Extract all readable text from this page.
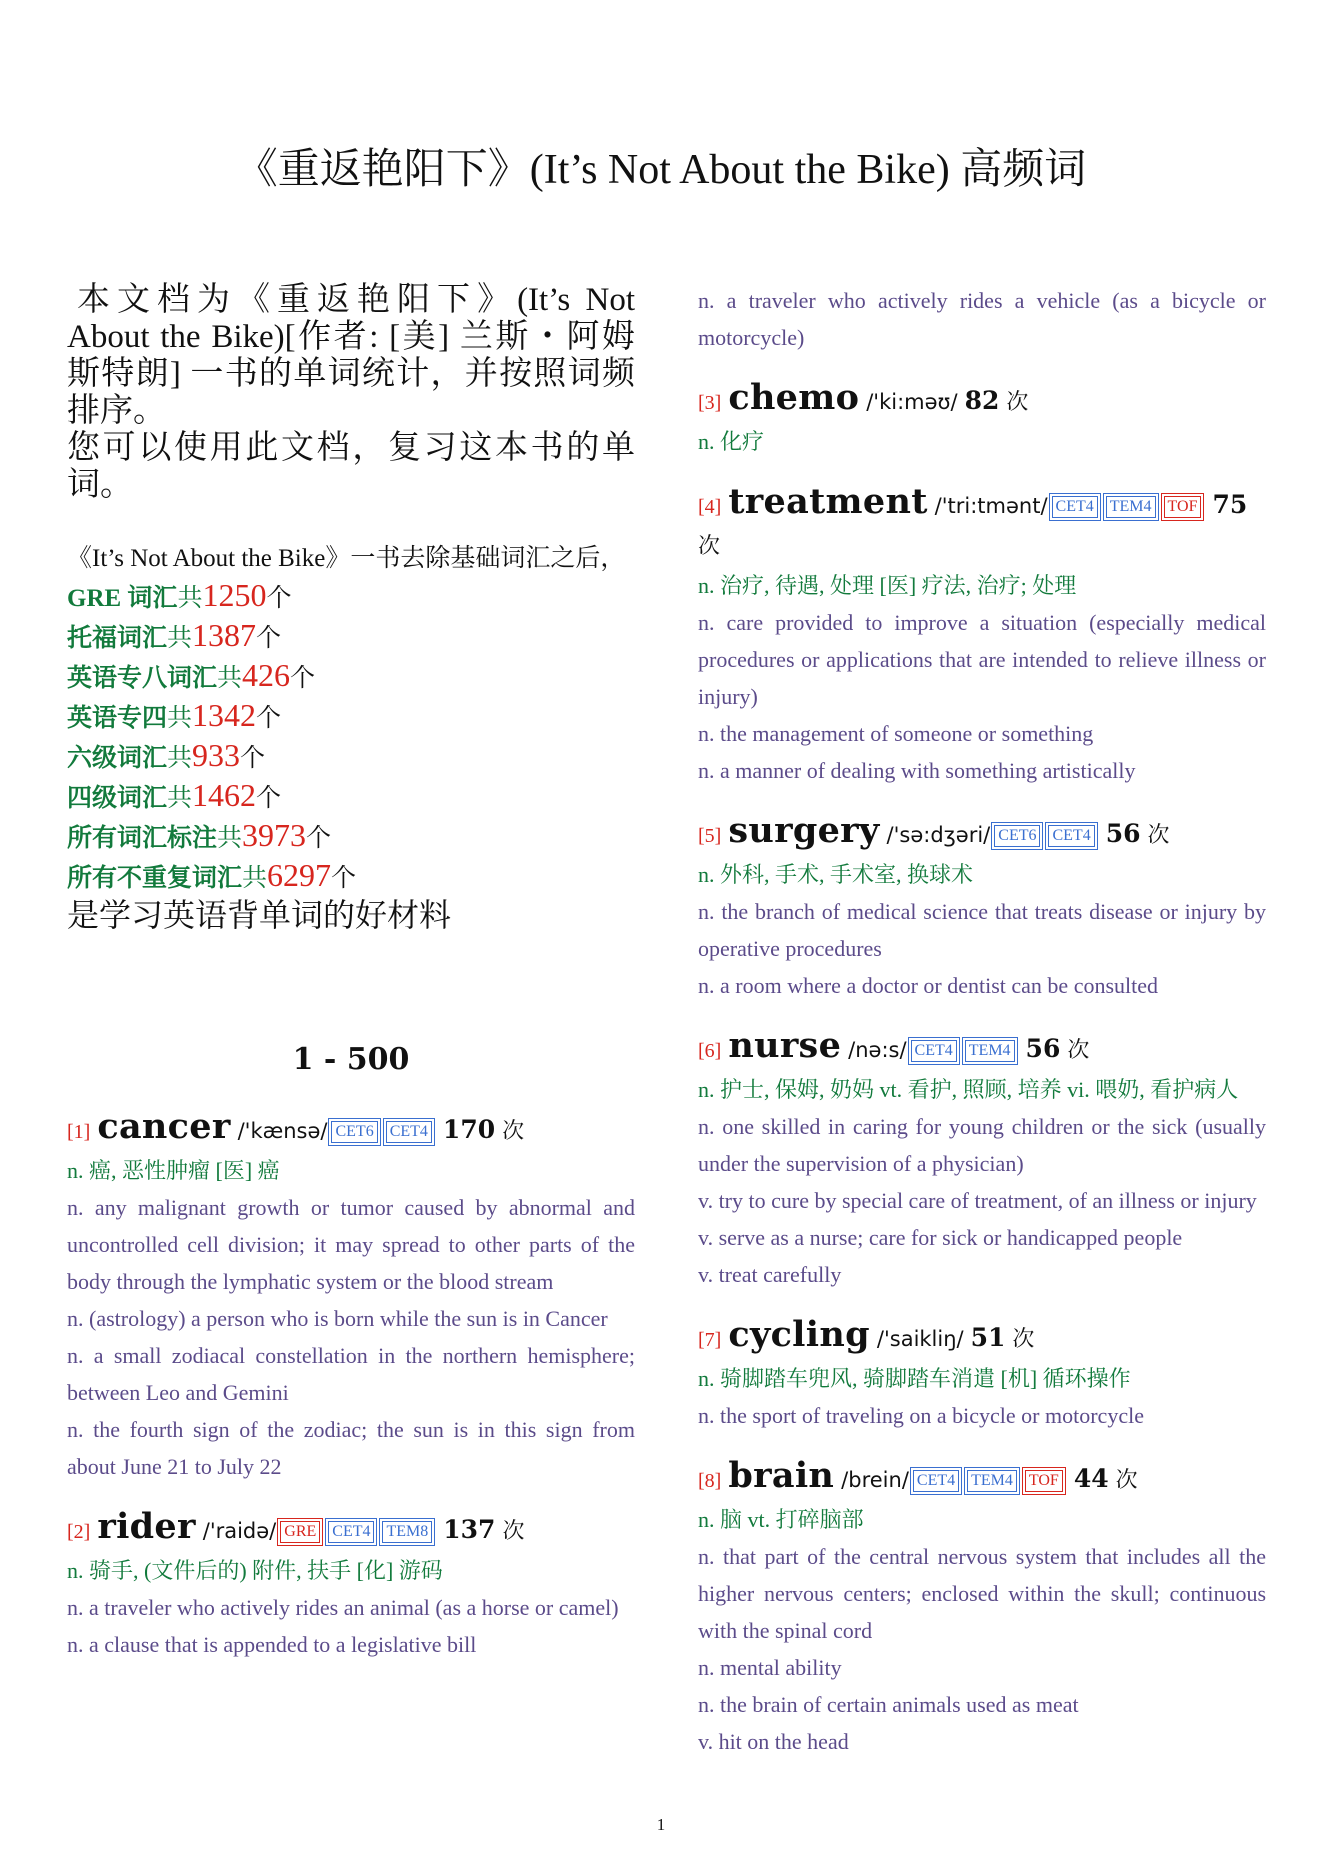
《重返艳阳下》(It’s Not About the Bike) 高频词

本文档为《重返艳阳下》(It’s Not About the Bike)[作者: [美] 兰斯・阿姆斯特朗] 一书的单词统计，并按照词频排序。

您可以使用此文档，复习这本书的单词。

《It’s Not About the Bike》一书去除基础词汇之后，
GRE 词汇共1250个
托福词汇共1387个
英语专八词汇共426个
英语专四共1342个
六级词汇共933个
四级词汇共1462个
所有词汇标注共3973个
所有不重复词汇共6297个
是学习英语背单词的好材料
1 - 500
[1] cancer /'kænsə/ CET6 CET4 170 次
n. 癌, 恶性肿瘤 [医] 癌
n. any malignant growth or tumor caused by abnormal and uncontrolled cell division; it may spread to other parts of the body through the lymphatic system or the blood stream
n. (astrology) a person who is born while the sun is in Cancer
n. a small zodiacal constellation in the northern hemisphere; between Leo and Gemini
n. the fourth sign of the zodiac; the sun is in this sign from about June 21 to July 22
[2] rider /'raidə/ GRE CET4 TEM8 137 次
n. 骑手, (文件后的) 附件, 扶手 [化] 游码
n. a traveler who actively rides an animal (as a horse or camel)
n. a clause that is appended to a legislative bill
n. a traveler who actively rides a vehicle (as a bicycle or motorcycle)
[3] chemo /'ki:məʊ/ 82 次
n. 化疗
[4] treatment /'tri:tmənt/ CET4 TEM4 TOF 75 次
n. 治疗, 待遇, 处理 [医] 疗法, 治疗; 处理
n. care provided to improve a situation (especially medical procedures or applications that are intended to relieve illness or injury)
n. the management of someone or something
n. a manner of dealing with something artistically
[5] surgery /'sə:dʒəri/ CET6 CET4 56 次
n. 外科, 手术, 手术室, 换球术
n. the branch of medical science that treats disease or injury by operative procedures
n. a room where a doctor or dentist can be consulted
[6] nurse /nə:s/ CET4 TEM4 56 次
n. 护士, 保姆, 奶妈 vt. 看护, 照顾, 培养 vi. 喂奶, 看护病人
n. one skilled in caring for young children or the sick (usually under the supervision of a physician)
v. try to cure by special care of treatment, of an illness or injury
v. serve as a nurse; care for sick or handicapped people
v. treat carefully
[7] cycling /'saikliŋ/ 51 次
n. 骑脚踏车兜风, 骑脚踏车消遣 [机] 循环操作
n. the sport of traveling on a bicycle or motorcycle
[8] brain /brein/ CET4 TEM4 TOF 44 次
n. 脑 vt. 打碎脑部
n. that part of the central nervous system that includes all the higher nervous centers; enclosed within the skull; continuous with the spinal cord
n. mental ability
n. the brain of certain animals used as meat
v. hit on the head
1
